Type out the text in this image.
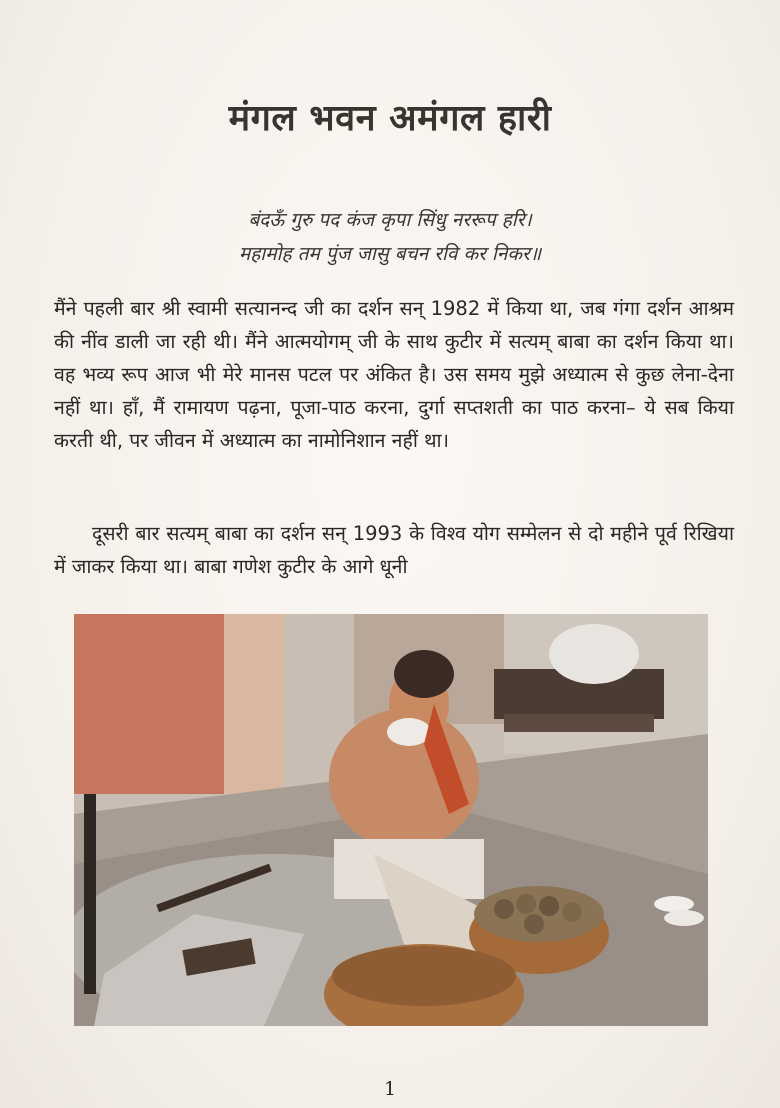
मंगल भवन अमंगल हारी
बंदऊँ गुरु पद कंज कृपा सिंधु नररूप हरि।
महामोह तम पुंज जासु बचन रवि कर निकर॥
मैंने पहली बार श्री स्वामी सत्यानन्द जी का दर्शन सन् 1982 में किया था, जब गंगा दर्शन आश्रम की नींव डाली जा रही थी। मैंने आत्मयोगम् जी के साथ कुटीर में सत्यम् बाबा का दर्शन किया था। वह भव्य रूप आज भी मेरे मानस पटल पर अंकित है। उस समय मुझे अध्यात्म से कुछ लेना-देना नहीं था। हाँ, मैं रामायण पढ़ना, पूजा-पाठ करना, दुर्गा सप्तशती का पाठ करना– ये सब किया करती थी, पर जीवन में अध्यात्म का नामोनिशान नहीं था।
दूसरी बार सत्यम् बाबा का दर्शन सन् 1993 के विश्व योग सम्मेलन से दो महीने पूर्व रिखिया में जाकर किया था। बाबा गणेश कुटीर के आगे धूनी
1
